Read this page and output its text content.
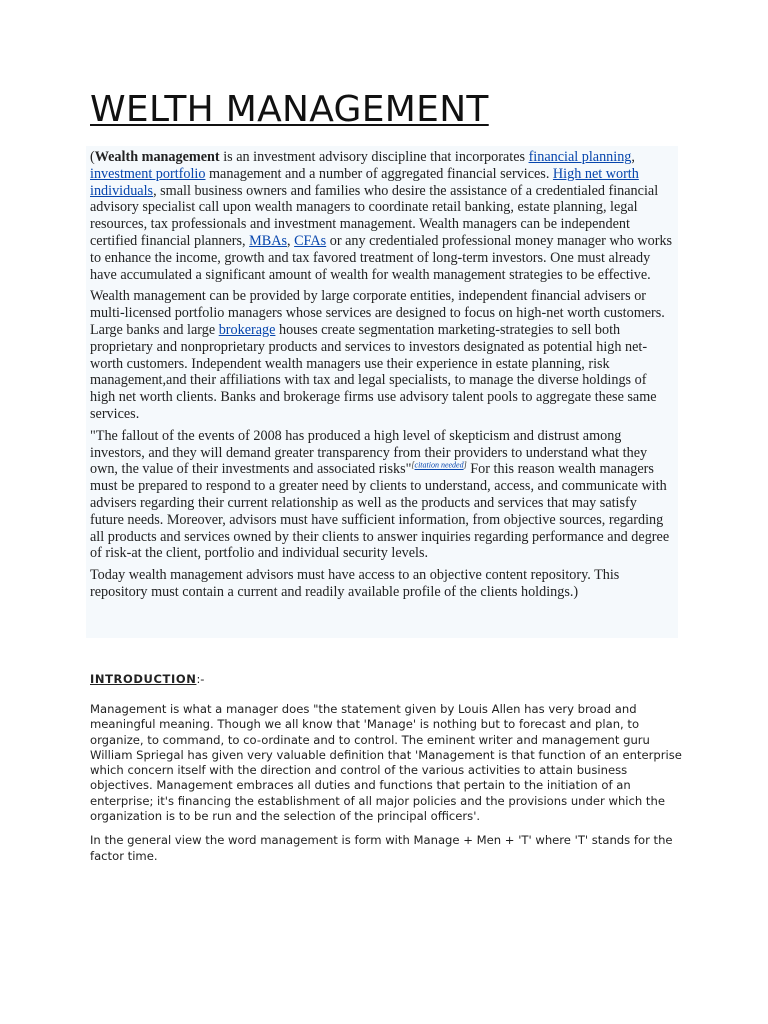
WELTH MANAGEMENT

(Wealth management is an investment advisory discipline that incorporates financial planning, investment portfolio management and a number of aggregated financial services. High net worth individuals, small business owners and families who desire the assistance of a credentialed financial advisory specialist call upon wealth managers to coordinate retail banking, estate planning, legal resources, tax professionals and investment management. Wealth managers can be independent certified financial planners, MBAs, CFAs or any credentialed professional money manager who works to enhance the income, growth and tax favored treatment of long-term investors. One must already have accumulated a significant amount of wealth for wealth management strategies to be effective.

Wealth management can be provided by large corporate entities, independent financial advisers or multi-licensed portfolio managers whose services are designed to focus on high-net worth customers. Large banks and large brokerage houses create segmentation marketing-strategies to sell both proprietary and nonproprietary products and services to investors designated as potential high net-worth customers. Independent wealth managers use their experience in estate planning, risk management,and their affiliations with tax and legal specialists, to manage the diverse holdings of high net worth clients. Banks and brokerage firms use advisory talent pools to aggregate these same services.

"The fallout of the events of 2008 has produced a high level of skepticism and distrust among investors, and they will demand greater transparency from their providers to understand what they own, the value of their investments and associated risks"[citation needed] For this reason wealth managers must be prepared to respond to a greater need by clients to understand, access, and communicate with advisers regarding their current relationship as well as the products and services that may satisfy future needs. Moreover, advisors must have sufficient information, from objective sources, regarding all products and services owned by their clients to answer inquiries regarding performance and degree of risk-at the client, portfolio and individual security levels.

Today wealth management advisors must have access to an objective content repository. This repository must contain a current and readily available profile of the clients holdings.)

INTRODUCTION:-

Management is what a manager does "the statement given by Louis Allen has very broad and meaningful meaning. Though we all know that 'Manage' is nothing but to forecast and plan, to organize, to command, to co-ordinate and to control. The eminent writer and management guru William Spriegal has given very valuable definition that 'Management is that function of an enterprise which concern itself with the direction and control of the various activities to attain business objectives. Management embraces all duties and functions that pertain to the initiation of an enterprise; it's financing the establishment of all major policies and the provisions under which the organization is to be run and the selection of the principal officers'.

In the general view the word management is form with Manage + Men + 'T' where 'T' stands for the factor time.
